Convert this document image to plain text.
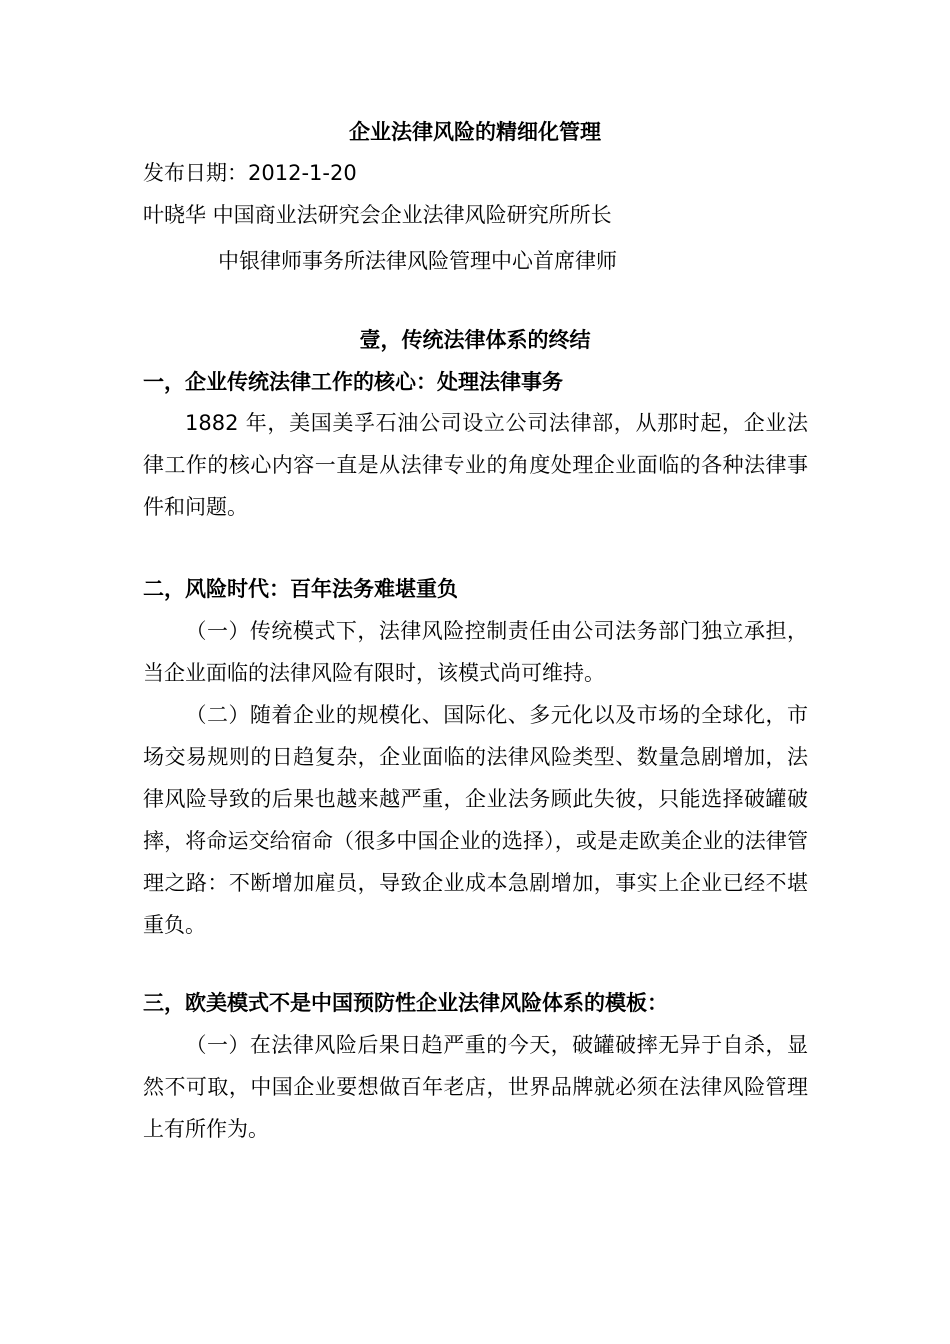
企业法律风险的精细化管理
发布日期：2012-1-20
叶晓华 中国商业法研究会企业法律风险研究所所长
中银律师事务所法律风险管理中心首席律师
壹，传统法律体系的终结
一，企业传统法律工作的核心：处理法律事务
1882 年，美国美孚石油公司设立公司法律部，从那时起，企业法律工作的核心内容一直是从法律专业的角度处理企业面临的各种法律事件和问题。
二，风险时代：百年法务难堪重负
（一）传统模式下，法律风险控制责任由公司法务部门独立承担，当企业面临的法律风险有限时，该模式尚可维持。
（二）随着企业的规模化、国际化、多元化以及市场的全球化，市场交易规则的日趋复杂，企业面临的法律风险类型、数量急剧增加，法律风险导致的后果也越来越严重，企业法务顾此失彼，只能选择破罐破摔，将命运交给宿命（很多中国企业的选择），或是走欧美企业的法律管理之路：不断增加雇员，导致企业成本急剧增加，事实上企业已经不堪重负。
三，欧美模式不是中国预防性企业法律风险体系的模板：
（一）在法律风险后果日趋严重的今天，破罐破摔无异于自杀，显然不可取，中国企业要想做百年老店，世界品牌就必须在法律风险管理上有所作为。
